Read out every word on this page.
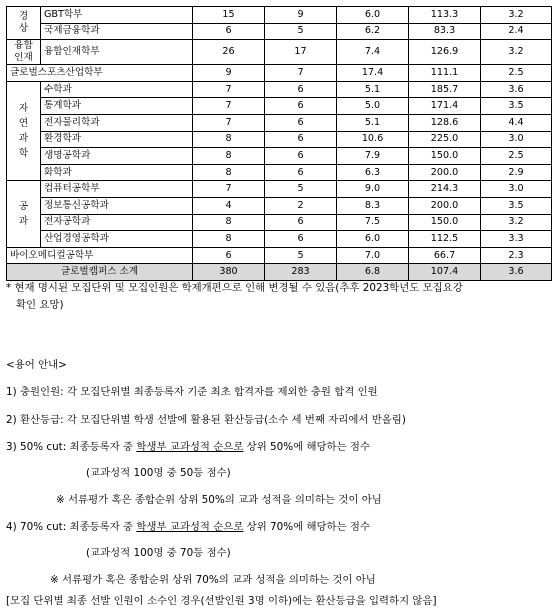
경
상	GBT학부	15	9	6.0	113.3	3.2
	국제금융학과	6	5	6.2	83.3	2.4

융합
인재	융합인재학부	26	17	7.4	126.9	3.2
글로벌스포츠산업학부		9	7	17.4	111.1	2.5

자
연
과
학	수학과	7	6	5.1	185.7	3.6
	통계학과	7	6	5.0	171.4	3.5
	전자물리학과	7	6	5.1	128.6	4.4
	환경학과	8	6	10.6	225.0	3.0
	생명공학과	8	6	7.9	150.0	2.5
	화학과	8	6	6.3	200.0	2.9

공
과	컴퓨터공학부	7	5	9.0	214.3	3.0
	정보통신공학과	4	2	8.3	200.0	3.5
	전자공학과	8	6	7.5	150.0	3.2
	산업경영공학과	8	6	6.0	112.5	3.3
바이오메디컬공학부		6	5	7.0	66.7	2.3
글로벌캠퍼스 소계		380	283	6.8	107.4	3.6
* 현재 명시된 모집단위 및 모집인원은 학제개편으로 인해 변경될 수 있음(추후 2023학년도 모집요강
확인 요망)
<용어 안내>
1) 충원인원: 각 모집단위별 최종등록자 기준 최초 합격자를 제외한 충원 합격 인원
2) 환산등급: 각 모집단위별 학생 선발에 활용된 환산등급(소수 세 번째 자리에서 반올림)
3) 50% cut: 최종등록자 중 학생부 교과성적 순으로 상위 50%에 해당하는 점수
(교과성적 100명 중 50등 점수)
※ 서류평가 혹은 종합순위 상위 50%의 교과 성적을 의미하는 것이 아님
4) 70% cut: 최종등록자 중 학생부 교과성적 순으로 상위 70%에 해당하는 점수
(교과성적 100명 중 70등 점수)
※ 서류평가 혹은 종합순위 상위 70%의 교과 성적을 의미하는 것이 아님
[모집 단위별 최종 선발 인원이 소수인 경우(선발인원 3명 이하)에는 환산등급을 입력하지 않음]
